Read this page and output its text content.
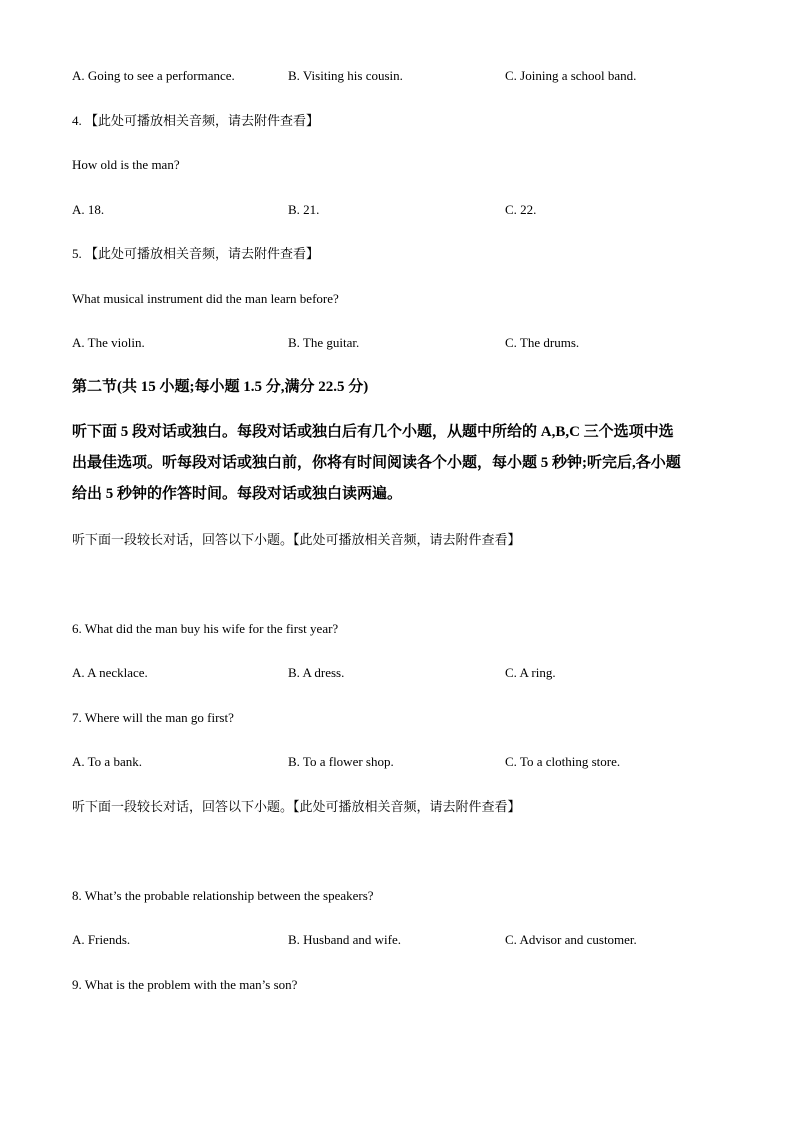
A. Going to see a performance.	B. Visiting his cousin.	C. Joining a school band.
4. 【此处可播放相关音频，请去附件查看】
How old is the man?
A. 18.	B. 21.	C. 22.
5. 【此处可播放相关音频，请去附件查看】
What musical instrument did the man learn before?
A. The violin.	B. The guitar.	C. The drums.
第二节(共 15 小题;每小题 1.5 分,满分 22.5 分)
听下面 5 段对话或独白。每段对话或独白后有几个小题，从题中所给的 A,B,C 三个选项中选
出最佳选项。听每段对话或独白前，你将有时间阅读各个小题，每小题 5 秒钟;听完后,各小题
给出 5 秒钟的作答时间。每段对话或独白读两遍。
听下面一段较长对话，回答以下小题。【此处可播放相关音频，请去附件查看】
6. What did the man buy his wife for the first year?
A. A necklace.	B. A dress.	C. A ring.
7. Where will the man go first?
A. To a bank.	B. To a flower shop.	C. To a clothing store.
听下面一段较长对话，回答以下小题。【此处可播放相关音频，请去附件查看】
8. What’s the probable relationship between the speakers?
A. Friends.	B. Husband and wife.	C. Advisor and customer.
9. What is the problem with the man’s son?
